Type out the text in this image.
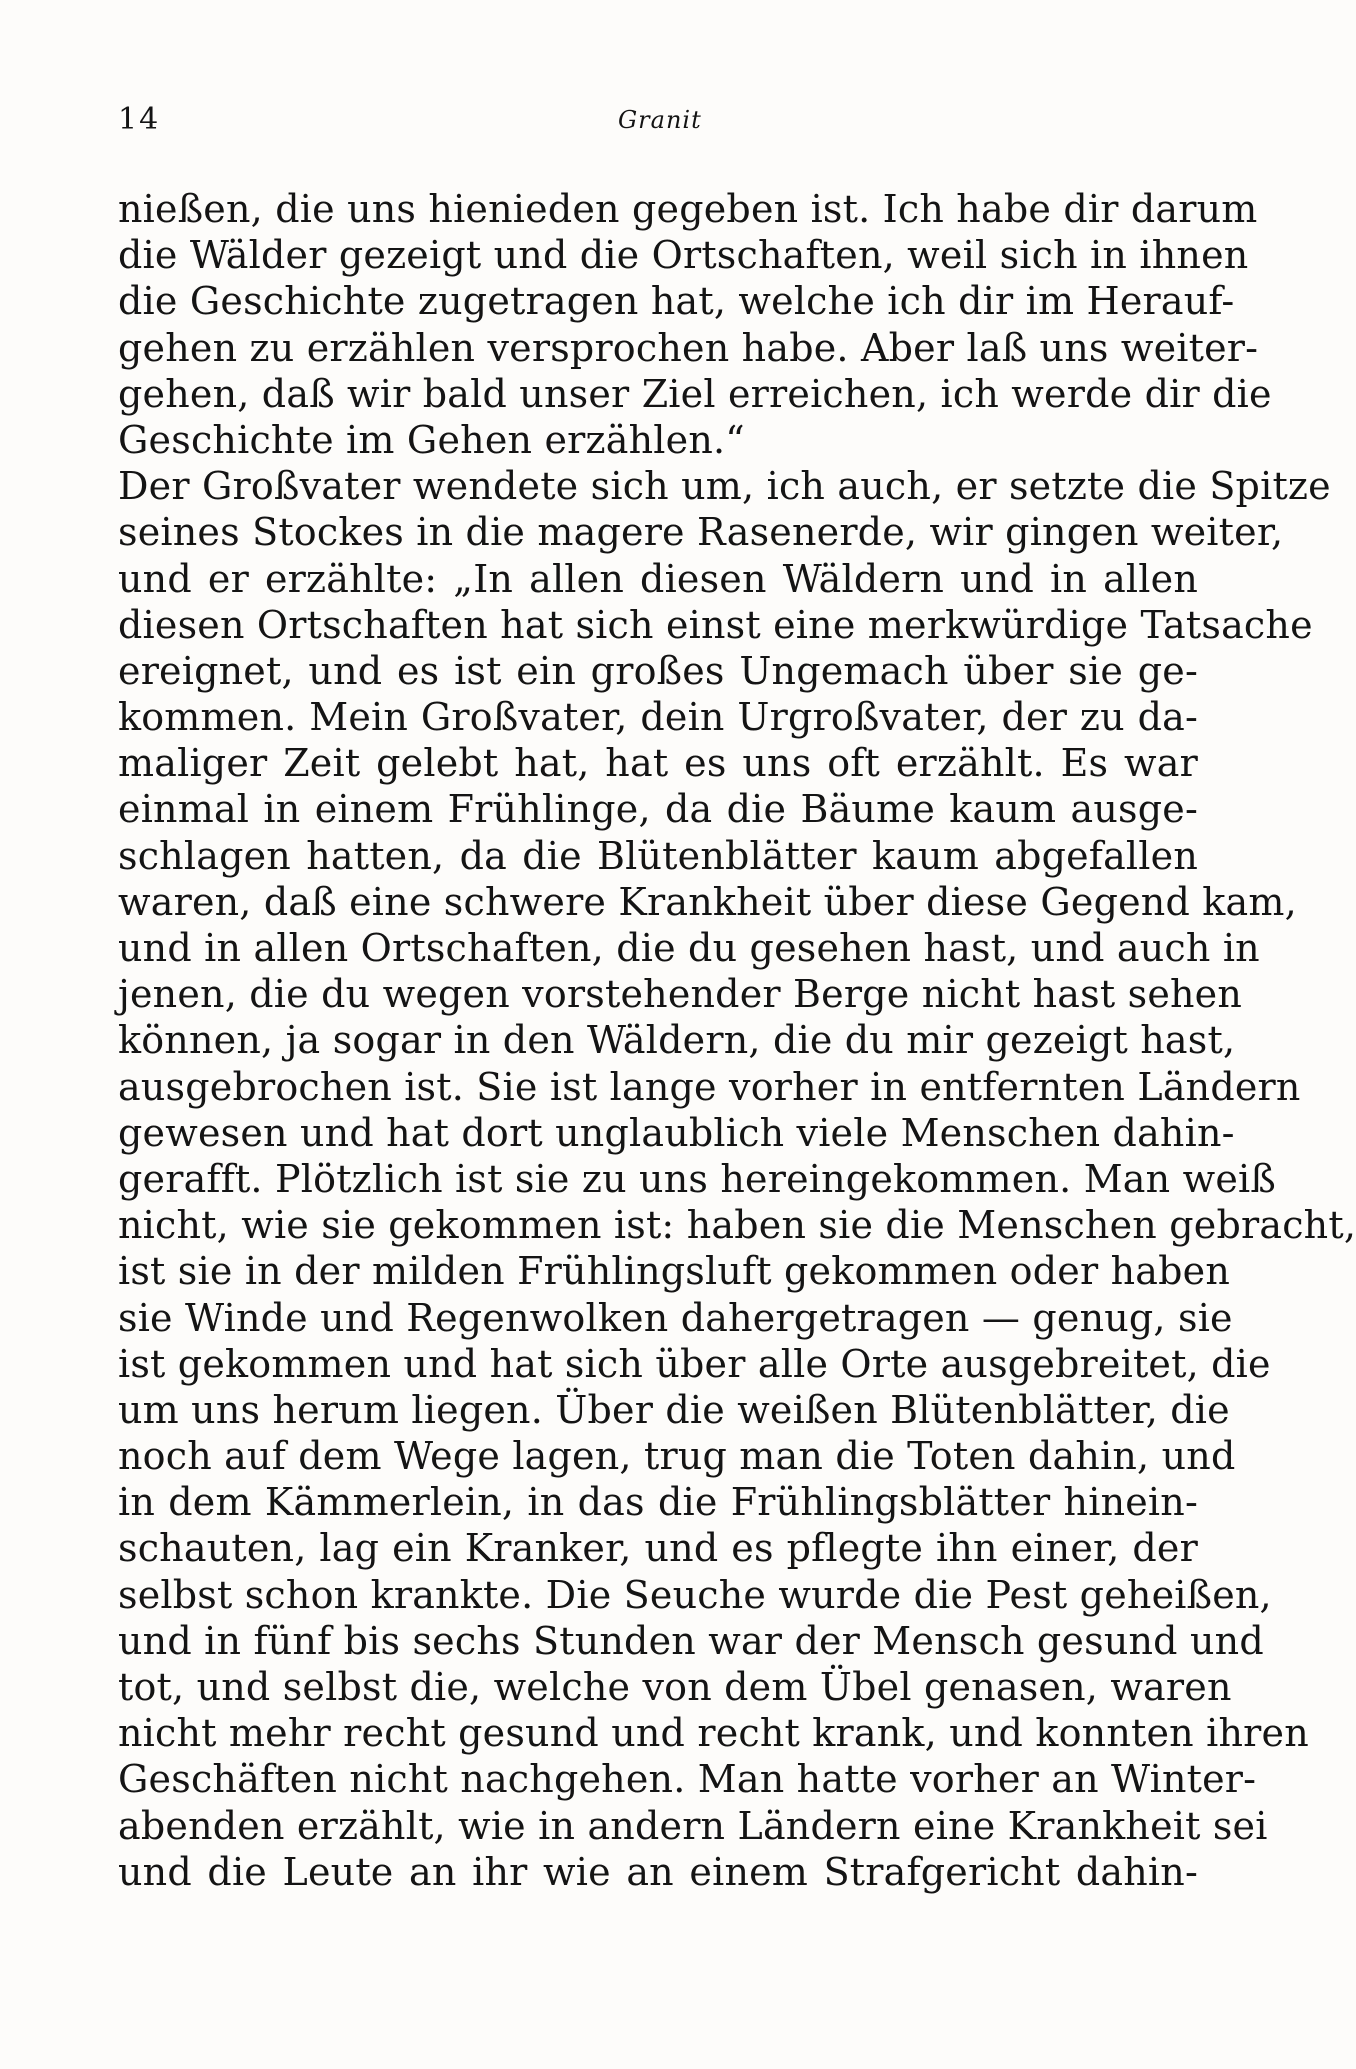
14	Granit
nießen, die uns hienieden gegeben ist. Ich habe dir darum
die Wälder gezeigt und die Ortschaften, weil sich in ihnen
die Geschichte zugetragen hat, welche ich dir im Herauf-
gehen zu erzählen versprochen habe. Aber laß uns weiter-
gehen, daß wir bald unser Ziel erreichen, ich werde dir die
Geschichte im Gehen erzählen.“
Der Großvater wendete sich um, ich auch, er setzte die Spitze
seines Stockes in die magere Rasenerde, wir gingen weiter,
und er erzählte: „In allen diesen Wäldern und in allen
diesen Ortschaften hat sich einst eine merkwürdige Tatsache
ereignet, und es ist ein großes Ungemach über sie ge-
kommen. Mein Großvater, dein Urgroßvater, der zu da-
maliger Zeit gelebt hat, hat es uns oft erzählt. Es war
einmal in einem Frühlinge, da die Bäume kaum ausge-
schlagen hatten, da die Blütenblätter kaum abgefallen
waren, daß eine schwere Krankheit über diese Gegend kam,
und in allen Ortschaften, die du gesehen hast, und auch in
jenen, die du wegen vorstehender Berge nicht hast sehen
können, ja sogar in den Wäldern, die du mir gezeigt hast,
ausgebrochen ist. Sie ist lange vorher in entfernten Ländern
gewesen und hat dort unglaublich viele Menschen dahin-
gerafft. Plötzlich ist sie zu uns hereingekommen. Man weiß
nicht, wie sie gekommen ist: haben sie die Menschen gebracht,
ist sie in der milden Frühlingsluft gekommen oder haben
sie Winde und Regenwolken dahergetragen — genug, sie
ist gekommen und hat sich über alle Orte ausgebreitet, die
um uns herum liegen. Über die weißen Blütenblätter, die
noch auf dem Wege lagen, trug man die Toten dahin, und
in dem Kämmerlein, in das die Frühlingsblätter hinein-
schauten, lag ein Kranker, und es pflegte ihn einer, der
selbst schon krankte. Die Seuche wurde die Pest geheißen,
und in fünf bis sechs Stunden war der Mensch gesund und
tot, und selbst die, welche von dem Übel genasen, waren
nicht mehr recht gesund und recht krank, und konnten ihren
Geschäften nicht nachgehen. Man hatte vorher an Winter-
abenden erzählt, wie in andern Ländern eine Krankheit sei
und die Leute an ihr wie an einem Strafgericht dahin-
